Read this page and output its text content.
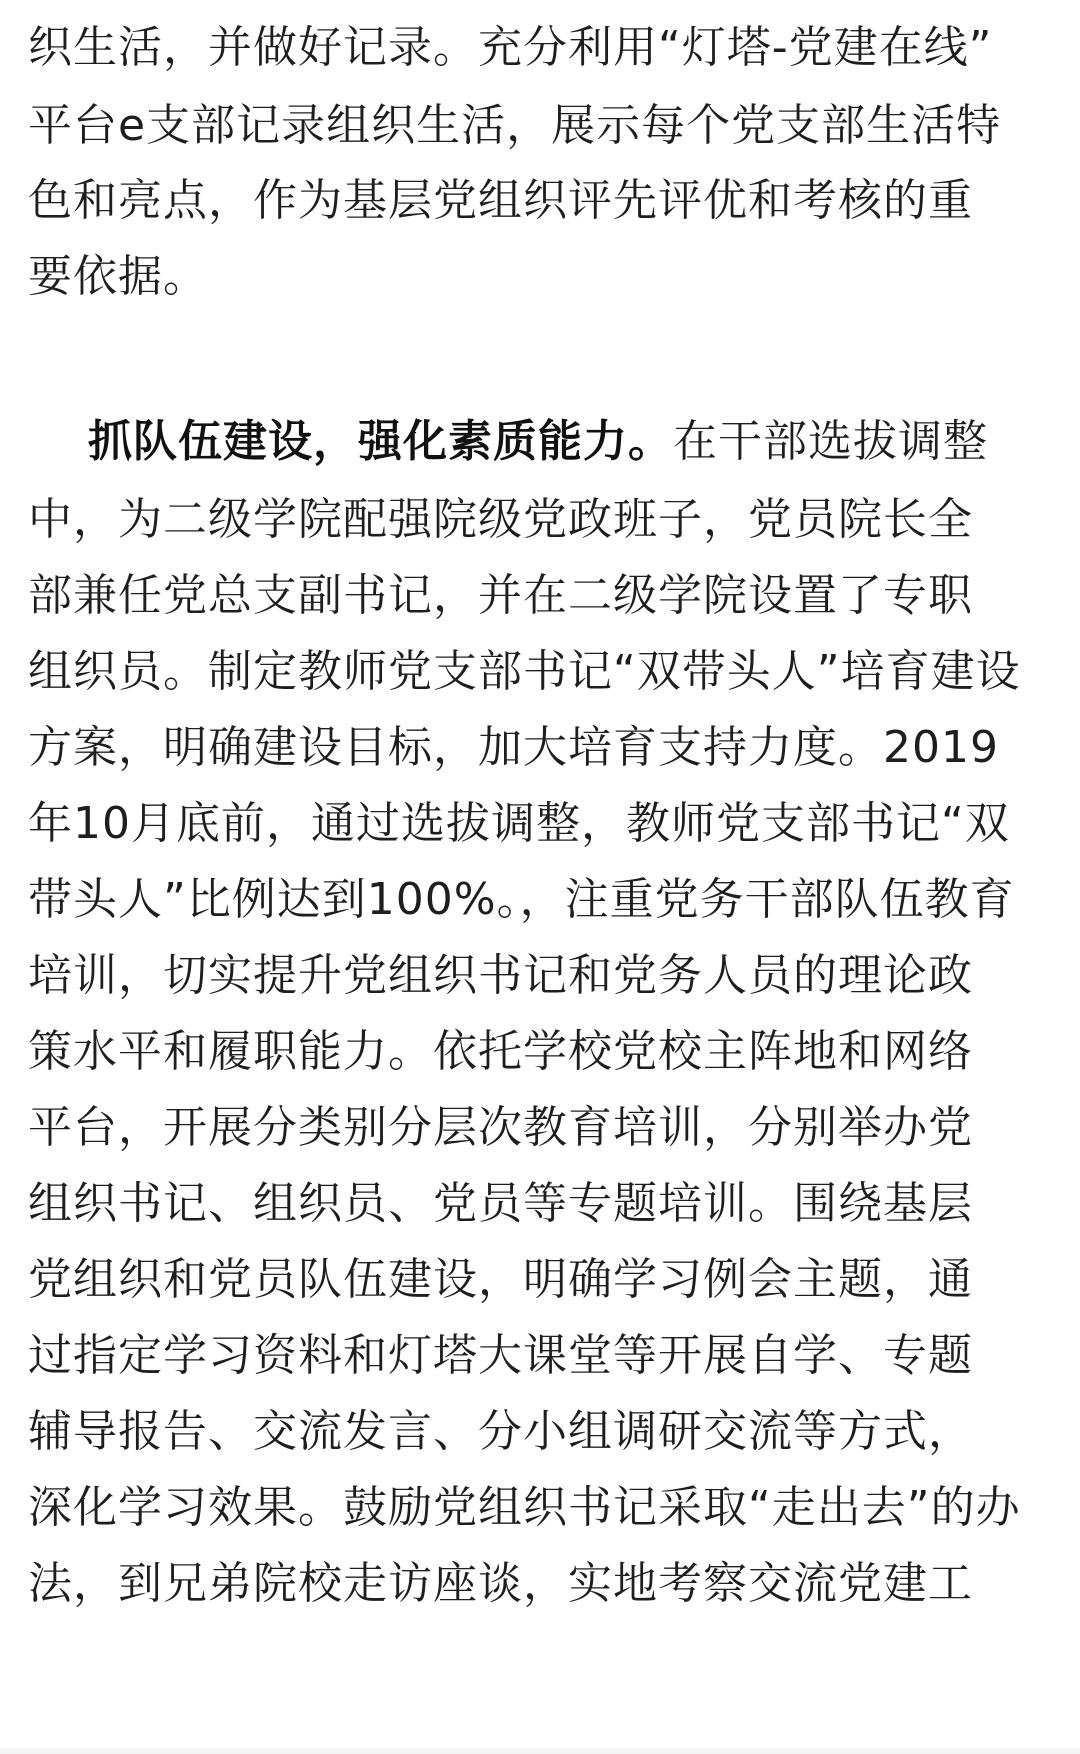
织生活，并做好记录。充分利用“灯塔-党建在线”
平台e支部记录组织生活，展示每个党支部生活特
色和亮点，作为基层党组织评先评优和考核的重
要依据。
抓队伍建设，强化素质能力。在干部选拔调整
中，为二级学院配强院级党政班子，党员院长全
部兼任党总支副书记，并在二级学院设置了专职
组织员。制定教师党支部书记“双带头人”培育建设
方案，明确建设目标，加大培育支持力度。2019
年10月底前，通过选拔调整，教师党支部书记“双
带头人”比例达到100%。，注重党务干部队伍教育
培训，切实提升党组织书记和党务人员的理论政
策水平和履职能力。依托学校党校主阵地和网络
平台，开展分类别分层次教育培训，分别举办党
组织书记、组织员、党员等专题培训。围绕基层
党组织和党员队伍建设，明确学习例会主题，通
过指定学习资料和灯塔大课堂等开展自学、专题
辅导报告、交流发言、分小组调研交流等方式，
深化学习效果。鼓励党组织书记采取“走出去”的办
法，到兄弟院校走访座谈，实地考察交流党建工
